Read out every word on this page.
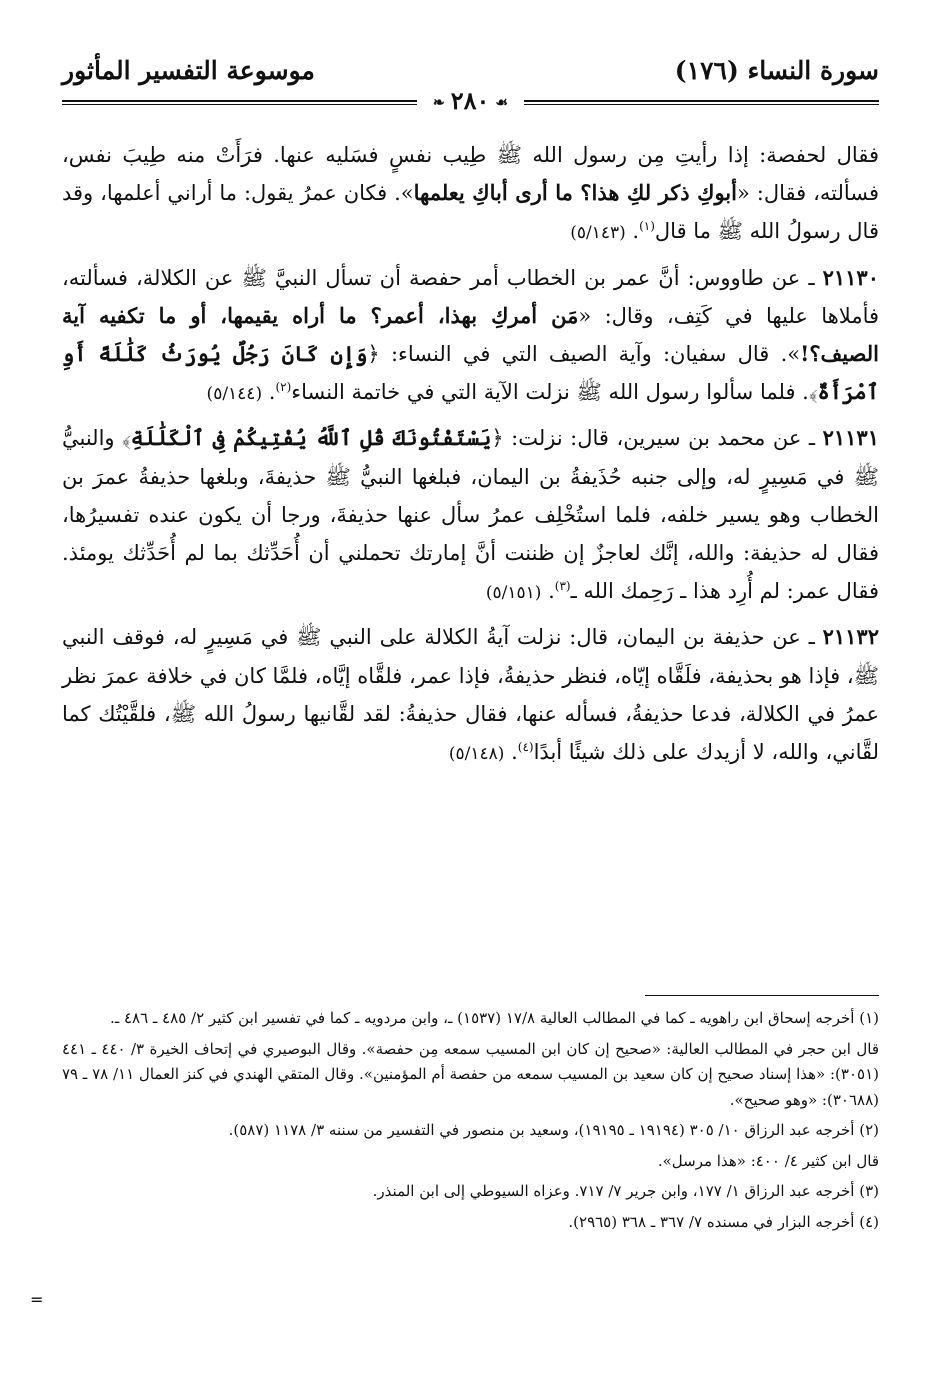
سورة النساء (١٧٦)
موسوعة التفسير المأثور
☙٢٨٠❧

فقال لحفصة: إذا رأيتِ مِن رسول الله ﷺ طِيب نفسٍ فسَليه عنها. فرَأَتْ منه طِيبَ نفس، فسألته، فقال: «أبوكِ ذكر لكِ هذا؟ ما أرى أباكِ يعلمها». فكان عمرُ يقول: ما أراني أعلمها، وقد قال رسولُ الله ﷺ ما قال$^{(١)}$. (٥/١٤٣)

٢١١٣٠ ـ عن طاووس: أنَّ عمر بن الخطاب أمر حفصة أن تسأل النبيَّ ﷺ عن الكلالة، فسألته، فأملاها عليها في كَتِف، وقال: «مَن أمركِ بهذا، أعمر؟ ما أراه يقيمها، أو ما تكفيه آية الصيف؟!». قال سفيان: وآية الصيف التي في النساء: ﴿وَإِن كَانَ رَجُلٌ يُورَثُ كَلَٰلَةً أَوِ ٱمْرَأَةٌ﴾. فلما سألوا رسول الله ﷺ نزلت الآية التي في خاتمة النساء$^{(٢)}$. (٥/١٤٤)

٢١١٣١ ـ عن محمد بن سيرين، قال: نزلت: ﴿يَسْتَفْتُونَكَ قُلِ ٱللَّهُ يُفْتِيكُمْ فِى ٱلْكَلَٰلَةِ﴾ والنبيُّ ﷺ في مَسِيرٍ له، وإلى جنبه حُذَيفةُ بن اليمان، فبلغها النبيُّ ﷺ حذيفةَ، وبلغها حذيفةُ عمرَ بن الخطاب وهو يسير خلفه، فلما استُخْلِف عمرُ سأل عنها حذيفةَ، ورجا أن يكون عنده تفسيرُها، فقال له حذيفة: والله، إنَّك لعاجزٌ إن ظننت أنَّ إمارتك تحملني أن أُحَدِّثك بما لم أُحَدِّثك يومئذ. فقال عمر: لم أُرِد هذا ـ رَحِمك الله ـ$^{(٣)}$. (٥/١٥١)

٢١١٣٢ ـ عن حذيفة بن اليمان، قال: نزلت آيةُ الكلالة على النبي ﷺ في مَسِيرٍ له، فوقف النبي ﷺ، فإذا هو بحذيفة، فلَقَّاه إيّاه، فنظر حذيفةُ، فإذا عمر، فلقَّاه إيَّاه، فلمَّا كان في خلافة عمرَ نظر عمرُ في الكلالة، فدعا حذيفةُ، فسأله عنها، فقال حذيفةُ: لقد لقَّانيها رسولُ الله ﷺ، فلقَّيْتُك كما لقَّاني، والله، لا أزيدك على ذلك شيئًا أبدًا$^{(٤)}$. (٥/١٤٨)

(١) أخرجه إسحاق ابن راهويه ـ كما في المطالب العالية ١٧/٨ (١٥٣٧) ـ، وابن مردويه ـ كما في تفسير ابن كثير ٢/ ٤٨٥ ـ ٤٨٦ ـ.

قال ابن حجر في المطالب العالية: «صحيح إن كان ابن المسيب سمعه مِن حفصة». وقال البوصيري في إتحاف الخيرة ٣/ ٤٤٠ ـ ٤٤١ (٣٠٥١): «هذا إسناد صحيح إن كان سعيد بن المسيب سمعه من حفصة أم المؤمنين». وقال المتقي الهندي في كنز العمال ١١/ ٧٨ ـ ٧٩ (٣٠٦٨٨): «وهو صحيح».

(٢) أخرجه عبد الرزاق ١٠/ ٣٠٥ (١٩١٩٤ ـ ١٩١٩٥)، وسعيد بن منصور في التفسير من سننه ٣/ ١١٧٨ (٥٨٧).

قال ابن كثير ٤/ ٤٠٠: «هذا مرسل».

(٣) أخرجه عبد الرزاق ١/ ١٧٧، وابن جرير ٧/ ٧١٧. وعزاه السيوطي إلى ابن المنذر.

(٤) أخرجه البزار في مسنده ٧/ ٣٦٧ ـ ٣٦٨ (٢٩٦٥).

=
